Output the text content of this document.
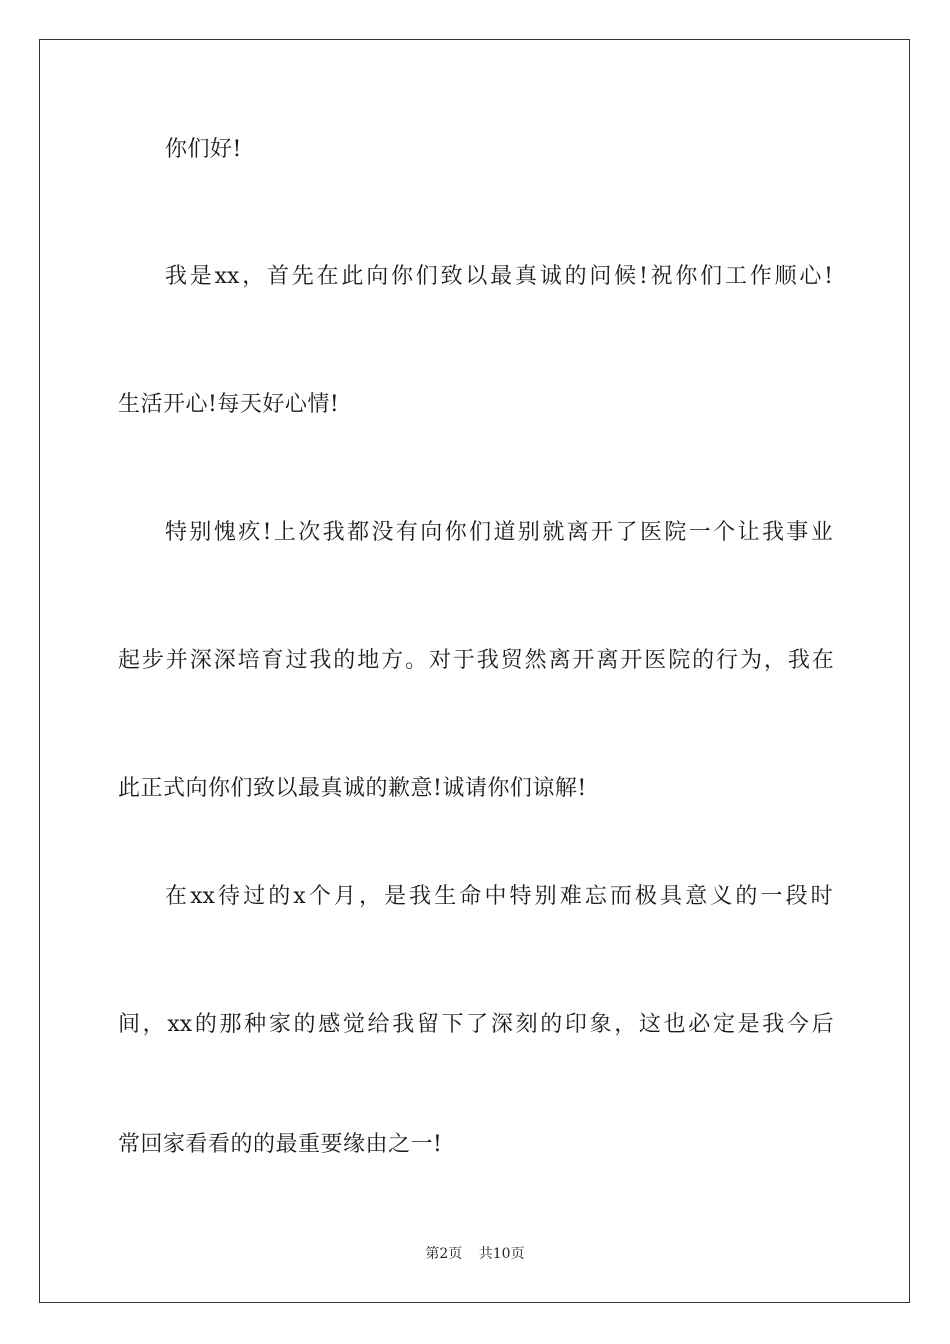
你们好!
我 是 xx ， 首 先 在 此 向 你 们 致 以 最 真 诚 的 问 候 ! 祝 你 们 工 作 顺 心 !
生活开心!每天好心情!
特 别 愧 疚 ! 上 次 我 都 没 有 向 你 们 道 别 就 离 开 了 医 院 一 个 让 我 事 业
起 步 并 深 深 培 育 过 我 的 地 方 。 对 于 我 贸 然 离 开 离 开 医 院 的 行 为 ， 我 在
此正式向你们致以最真诚的歉意!诚请你们谅解!
在 xx 待 过 的 x 个 月 ， 是 我 生 命 中 特 别 难 忘 而 极 具 意 义 的 一 段 时
间 ， xx 的 那 种 家 的 感 觉 给 我 留 下 了 深 刻 的 印 象 ， 这 也 必 定 是 我 今 后
常回家看看的的最重要缘由之一!
第2页 共10页
